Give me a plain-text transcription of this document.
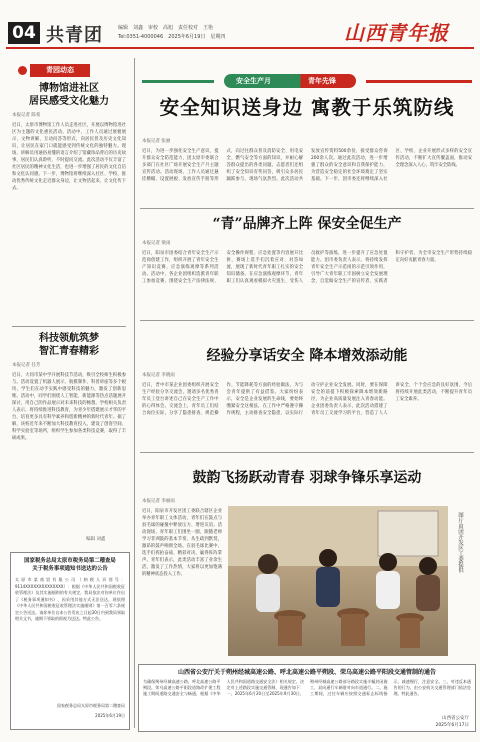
04 共青团	编辑　刘鑫　审校　高旭　责任校对　王艳
Tel:0351-4000046　2025年6月19日　星期四	山西青年报
青园动态
博物馆进社区
居民感受文化魅力
本报记者 陈希
近日，太原市博物馆工作人员走进社区，开展以博物馆进社区为主题的文化惠民活动。活动中，工作人员通过展板展示、文物讲解、互动问答等形式，向居民普及历史文化知识，让居民在家门口就能感受到传统文化的独特魅力。现场，讲解员用通俗易懂的语言介绍了馆藏珍品背后的历史故事，居民们认真聆听，不时提问交流。此次活动不仅丰富了社区居民的精神文化生活，也进一步增强了居民的文化自信和文化认同感。下一步，博物馆将继续深入社区、学校，推动优秀传统文化走近群众身边，让文物活起来，让文化传下去。
科技领航筑梦
智汇青春精彩
本报记者 任芳
近日，大同市某中学开展科技节活动，吸引全校师生积极参与。活动设置了机器人展示、航模制作、科普讲座等多个板块，学生们在动手实践中感受科技的魅力，激发了创新思维。活动中，同学们围绕人工智能、新能源等热点话题展开探讨，用自己的作品展示对未来科技的畅想。学校相关负责人表示，将持续推进科技教育，为青少年搭建展示才华的平台，培育更多具有科学素养和创新精神的新时代青年。据了解，该校近年来不断加大科技教育投入，建设了创客空间、科学实验室等场所，组织学生参加各类科技竞赛，取得了丰硕成果。
编辑 刘鑫
国家税务总局太原市税务局第二稽查局
关于税务事项通知书送达的公告
太原市某商贸有限公司（纳税人识别号：9114XXXXXXXXXXXXXX）：根据《中华人民共和国税收征收管理法》及其实施细则的有关规定，我局依法对你单位作出了《税务事项通知书》，因采用其他方式无法送达，现依照《中华人民共和国税收征收管理法实施细则》第一百零六条规定公告送达。请你单位自本公告发布之日起30日内到我局领取相关文书，逾期不领取的即视为送达。特此公告。
国家税务总局太原市税务局第二稽查局
2025年6月19日
安全生产月	青年先锋
安全知识送身边 寓教于乐筑防线
本报记者 张丽
近日，为进一步强化安全生产意识，提升群众安全防范能力，团太原市委联合多部门在社区广场开展安全生产月主题宣传活动。活动现场，工作人员通过悬挂横幅、设置展板、发放宣传手册等形式，向过往群众普及消防安全、用电安全、燃气安全等方面的知识，并耐心解答群众提出的各类问题。志愿者们还组织了安全知识有奖问答，吸引众多居民踊跃参与，现场气氛热烈。此次活动共发放宣传资料500余份，接受群众咨询200余人次。通过此次活动，进一步增强了群众的安全意识和自我保护能力，为营造安全稳定的社会环境奠定了坚实基础。下一步，团市委还将继续深入社区、学校、企业开展形式多样的安全宣传活动，不断扩大宣传覆盖面，推动安全理念深入人心，筑牢安全防线。
“青”品牌齐上阵 保安全促生产
本报记者 梁雨
近日，阳泉市团委结合青年安全生产示范岗创建工作，组织开展了青年安全生产知识竞赛、应急演练观摩等系列活动。活动中，各企业团组织选派青年职工参加竞赛，围绕安全生产法律法规、安全操作规程、应急处置等内容展开比拼，赛场上选手们沉着应对、对答如流，展现了新时代青年职工扎实的安全知识储备。在应急演练观摩环节，青年职工们认真观看模拟火灾逃生、受伤人员救护等演练，进一步提升了应急处置能力。团市委负责人表示，将持续发挥青年安全生产示范岗的示范引领作用，引导广大青年职工牢固树立安全发展理念，自觉做安全生产的宣传者、实践者和守护者，为全市安全生产形势持续稳定向好贡献青春力量。
经验分享话安全 降本增效添动能
本报记者 李晓雨
近日，晋中市某企业团委组织开展安全生产经验分享交流会，邀请多名优秀青年员工登台讲述自己在安全生产工作中的心得体会。交流会上，青年员工们结合岗位实际，分享了隐患排查、规范操作、节能降耗等方面的经验做法，为与会青年提供了有益借鉴。大家纷纷表示，安全是企业发展的生命线，要始终绷紧安全这根弦，在工作中严格遵守操作规程，主动排查安全隐患，以实际行动守护企业安全发展。同时，要在保障安全的前提下积极探索降本增效新路径，为企业高质量发展注入青春动能。企业团委负责人表示，此次活动搭建了青年员工交流学习的平台，营造了人人讲安全、个个会应急的良好氛围，今后将持续开展此类活动，不断提升青年员工安全素养。
鼓韵飞扬跃动青春 羽球争锋乐享运动
本报记者 李丽雨
近日，阳泉市开发区团工委联合辖区企业举办青年职工文体活动，青年们在鼓点与羽毛球的碰撞中释放压力、增进友谊。活动现场，青年职工们围坐一圈，跟随老师学习非洲鼓的基本节奏，从生疏到默契，激昂的鼓声响彻全场。在羽毛球比赛中，选手们挥拍奋战、精彩对决，赢得阵阵掌声。青年们表示，此类活动丰富了业余生活，激发了工作热情，大家将以更加饱满的精神状态投入工作。
图片由团开发区工委提供
山西省公安厅关于朔州经城高速公路、呼北高速公路平朔段、荣乌高速公路平阳段交通管制的通告
为确保朔州经城高速公路、呼北高速公路平朔段、荣乌高速公路平阳段道路改扩建工程施工期间道路交通安全与畅通，根据《中华人民共和国道路交通安全法》相关规定，决定对上述路段实施交通管制，现通告如下：一、2025年6月20日至2025年9月30日，朔州经城高速公路部分路段实施半幅封闭施工，双向通行车辆借对向车道通行。二、施工期间，过往车辆应按照交通标志标线指示，减速慢行，注意安全。三、对违反本通告的行为，由公安机关交通管理部门依法处理。特此通告。
山西省公安厅
2025年6月17日
